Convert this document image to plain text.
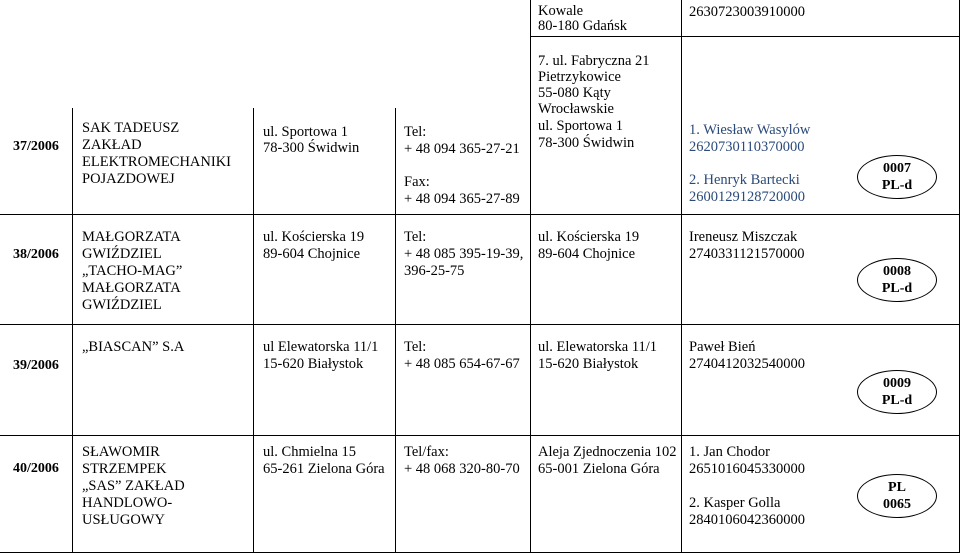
Kowale
80-180 Gdańsk
2630723003910000
37/2006
SAK TADEUSZ
ZAKŁAD
ELEKTROMECHANIKI
POJAZDOWEJ
ul. Sportowa 1
78-300 Świdwin
Tel:
+ 48 094 365-27-21
Fax:
+ 48 094 365-27-89
7. ul. Fabryczna 21
Pietrzykowice
55-080 Kąty
Wrocławskie
ul. Sportowa 1
78-300 Świdwin
1. Wiesław Wasylów
2620730110370000
2. Henryk Bartecki
2600129128720000
0007
PL-d
38/2006
MAŁGORZATA
GWIŹDZIEL
„TACHO-MAG”
MAŁGORZATA
GWIŹDZIEL
ul. Kościerska 19
89-604 Chojnice
Tel:
+ 48 085 395-19-39,
396-25-75
ul. Kościerska 19
89-604 Chojnice
Ireneusz Miszczak
2740331121570000
0008
PL-d
39/2006
„BIASCAN” S.A	ul Elewatorska 11/1
15-620 Białystok
Tel:
+ 48 085 654-67-67
ul. Elewatorska 11/1
15-620 Białystok
Paweł Bień
2740412032540000
0009
PL-d
40/2006
SŁAWOMIR
STRZEMPEK
„SAS” ZAKŁAD
HANDLOWO-
USŁUGOWY
ul. Chmielna 15
65-261 Zielona Góra
Tel/fax:
+ 48 068 320-80-70
Aleja Zjednoczenia 102
65-001 Zielona Góra
1. Jan Chodor
2651016045330000
2. Kasper Golla
2840106042360000
PL
0065
